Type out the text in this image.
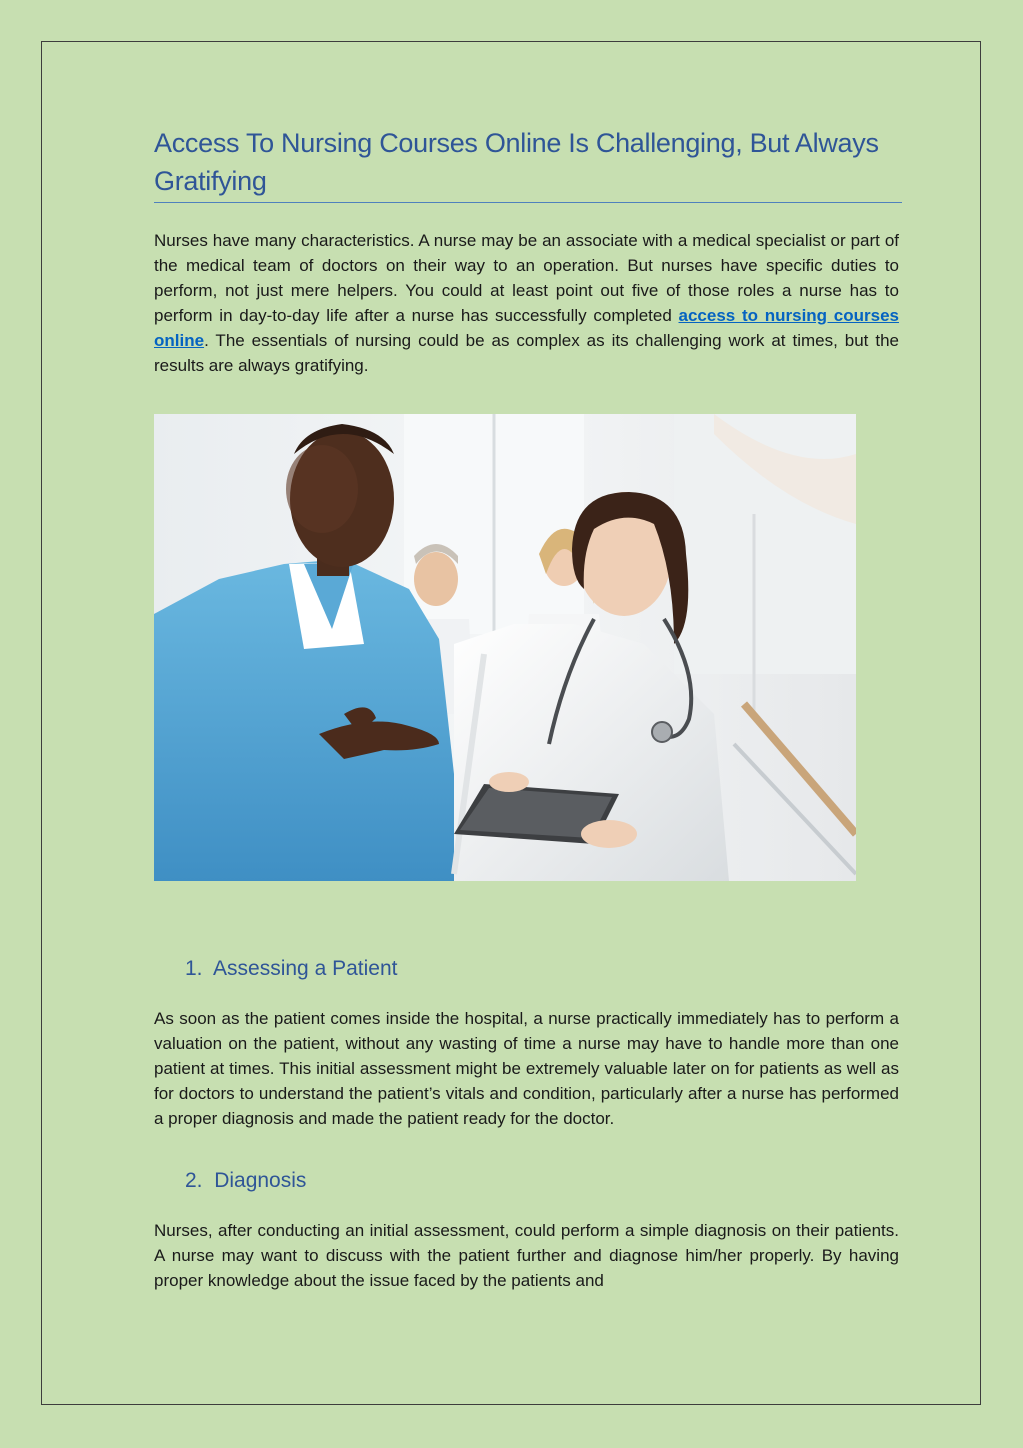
Access To Nursing Courses Online Is Challenging, But Always Gratifying

Nurses have many characteristics. A nurse may be an associate with a medical specialist or part of the medical team of doctors on their way to an operation. But nurses have specific duties to perform, not just mere helpers. You could at least point out five of those roles a nurse has to perform in day-to-day life after a nurse has successfully completed access to nursing courses online. The essentials of nursing could be as complex as its challenging work at times, but the results are always gratifying.

1. Assessing a Patient

As soon as the patient comes inside the hospital, a nurse practically immediately has to perform a valuation on the patient, without any wasting of time a nurse may have to handle more than one patient at times. This initial assessment might be extremely valuable later on for patients as well as for doctors to understand the patient’s vitals and condition, particularly after a nurse has performed a proper diagnosis and made the patient ready for the doctor.

2. Diagnosis

Nurses, after conducting an initial assessment, could perform a simple diagnosis on their patients. A nurse may want to discuss with the patient further and diagnose him/her properly. By having proper knowledge about the issue faced by the patients and
